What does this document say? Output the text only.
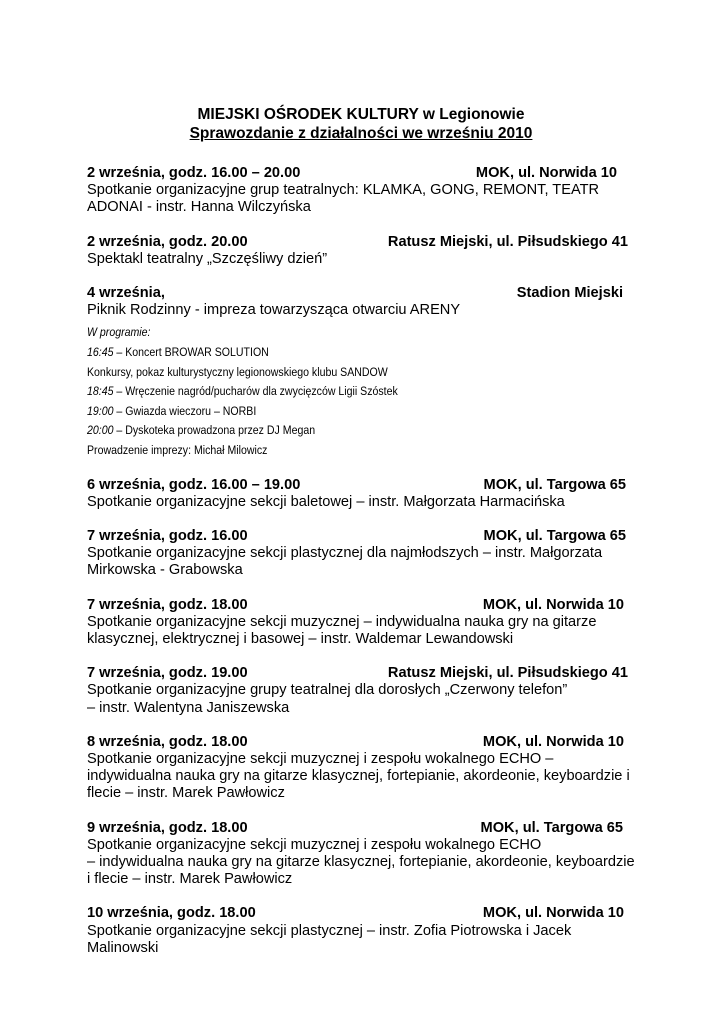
MIEJSKI OŚRODEK KULTURY w Legionowie
Sprawozdanie z działalności we wrześniu 2010
2 września, godz. 16.00 – 20.00	MOK, ul. Norwida 10
Spotkanie organizacyjne grup teatralnych: KLAMKA, GONG, REMONT, TEATR
ADONAI - instr. Hanna Wilczyńska
2 września, godz. 20.00	Ratusz Miejski, ul. Piłsudskiego 41
Spektakl teatralny „Szczęśliwy dzień”
4 września,	Stadion Miejski
Piknik Rodzinny - impreza towarzysząca otwarciu ARENY
W programie:
16:45 – Koncert BROWAR SOLUTION
Konkursy, pokaz kulturystyczny legionowskiego klubu SANDOW
18:45 – Wręczenie nagród/pucharów dla zwycięzców Ligii Szóstek
19:00 – Gwiazda wieczoru – NORBI
20:00 – Dyskoteka prowadzona przez DJ Megan
Prowadzenie imprezy: Michał Milowicz
6 września, godz. 16.00 – 19.00	MOK, ul. Targowa 65
Spotkanie organizacyjne sekcji baletowej – instr. Małgorzata Harmacińska
7 września, godz. 16.00	MOK, ul. Targowa 65
Spotkanie organizacyjne sekcji plastycznej dla najmłodszych – instr. Małgorzata
Mirkowska - Grabowska
7 września, godz. 18.00	MOK, ul. Norwida 10
Spotkanie organizacyjne sekcji muzycznej – indywidualna nauka gry na gitarze
klasycznej, elektrycznej i basowej – instr. Waldemar Lewandowski
7 września, godz. 19.00	Ratusz Miejski, ul. Piłsudskiego 41
Spotkanie organizacyjne grupy teatralnej dla dorosłych „Czerwony telefon”
– instr. Walentyna Janiszewska
8 września, godz. 18.00	MOK, ul. Norwida 10
Spotkanie organizacyjne sekcji muzycznej i zespołu wokalnego ECHO –
indywidualna nauka gry na gitarze klasycznej, fortepianie, akordeonie, keyboardzie i
flecie – instr. Marek Pawłowicz
9 września, godz. 18.00	MOK, ul. Targowa 65
Spotkanie organizacyjne sekcji muzycznej i zespołu wokalnego ECHO
– indywidualna nauka gry na gitarze klasycznej, fortepianie, akordeonie, keyboardzie
i flecie – instr. Marek Pawłowicz
10 września, godz. 18.00	MOK, ul. Norwida 10
Spotkanie organizacyjne sekcji plastycznej – instr. Zofia Piotrowska i Jacek
Malinowski
